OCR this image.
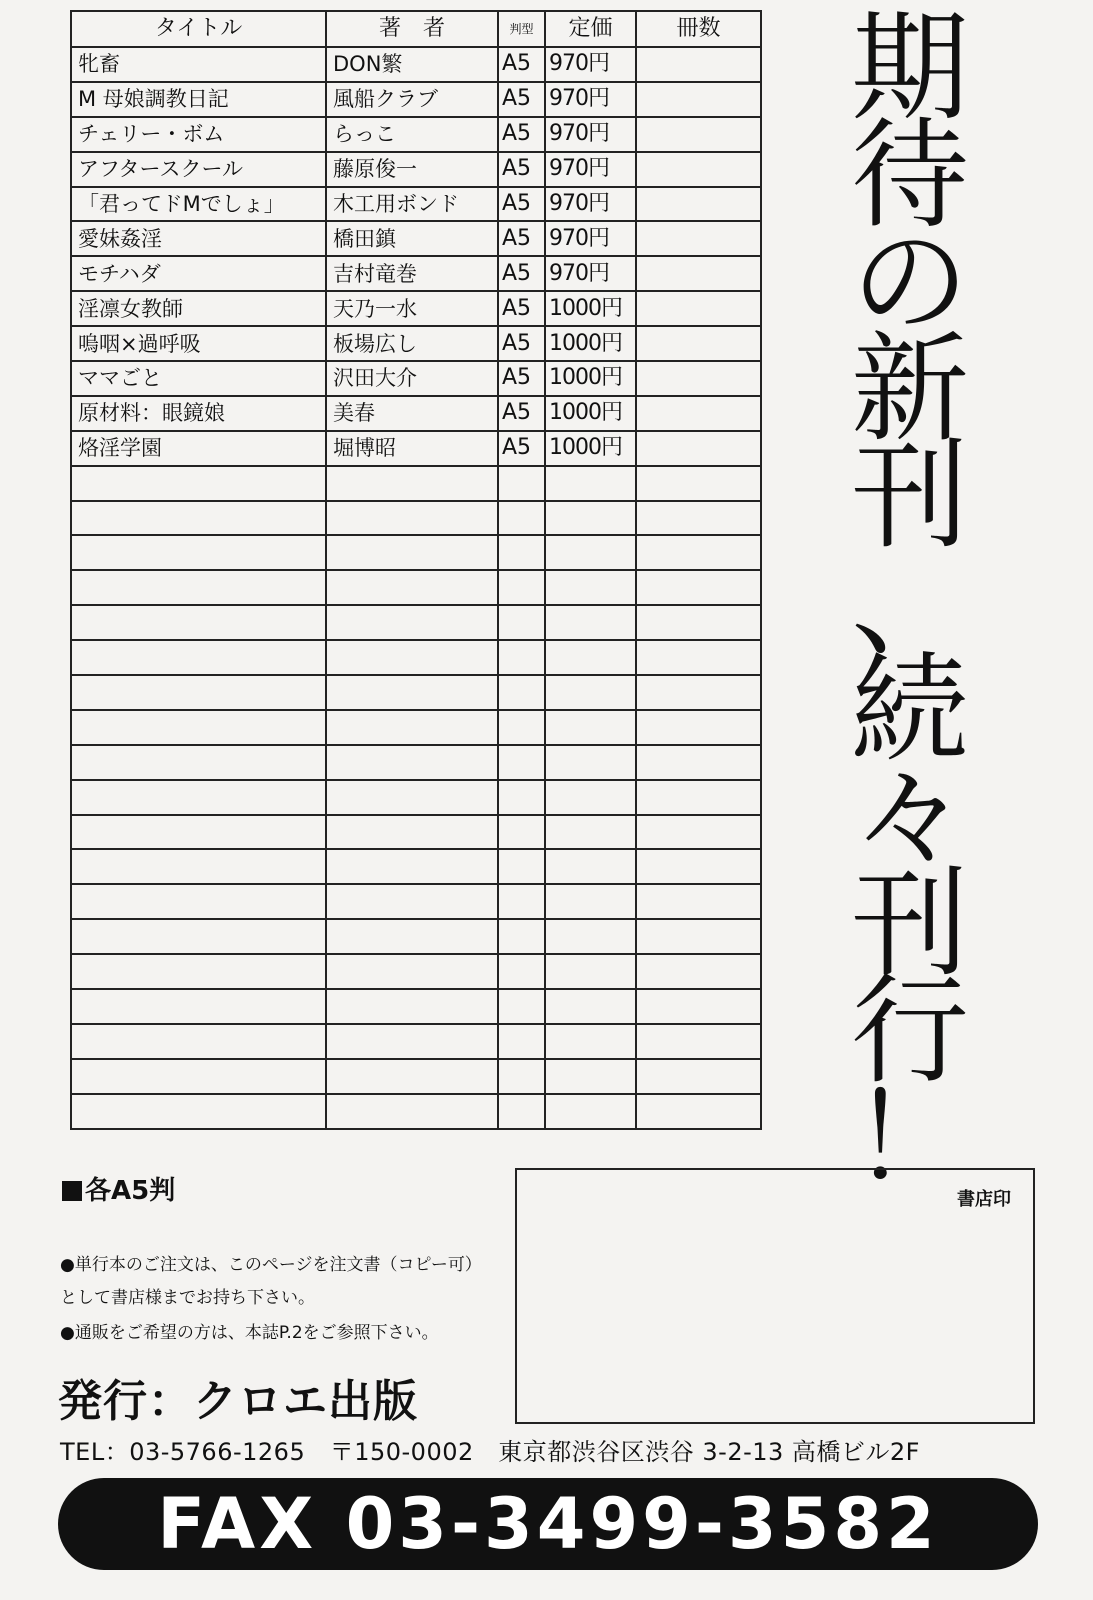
タイトル	著　者	判型	定価	冊数
牝畜	DON繁	A5	970円	
M 母娘調教日記	風船クラブ	A5	970円	
チェリー・ボム	らっこ	A5	970円	
アフタースクール	藤原俊一	A5	970円	
「君ってドMでしょ」	木工用ボンド	A5	970円	
愛妹姦淫	橋田鎮	A5	970円	
モチハダ	吉村竜巻	A5	970円	
淫凛女教師	天乃一水	A5	1000円	
嗚咽×過呼吸	板場広し	A5	1000円	
ママごと	沢田大介	A5	1000円	
原材料：眼鏡娘	美春	A5	1000円	
烙淫学園	堀博昭	A5	1000円	

期
待
の
新
刊
、
続
々
刊
行
！
各A5判
●単行本のご注文は、このページを注文書（コピー可）
として書店様までお持ち下さい。
●通販をご希望の方は、本誌P.2をご参照下さい。
発行：クロエ出版
書店印
TEL：03-5766-1265　〒150-0002　東京都渋谷区渋谷 3-2-13 高橋ビル2F
FAX 03-3499-3582
